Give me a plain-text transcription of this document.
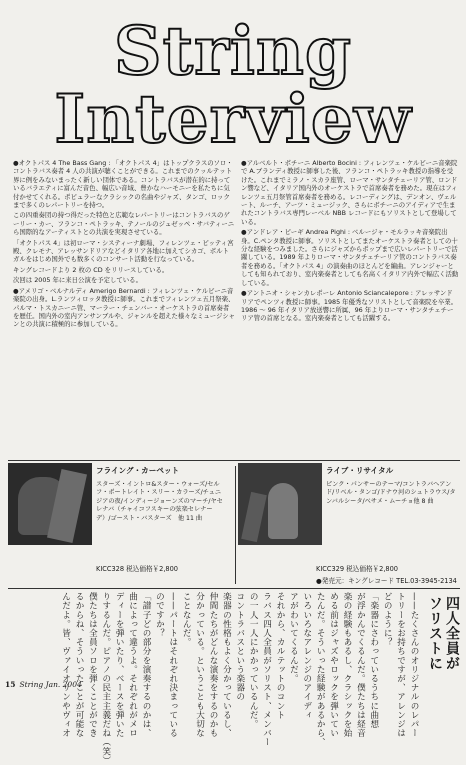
String
Interview

●オクトパス 4 The Bass Gang : 「オクトパス 4」はトップクラスのソロ・コントラバス奏者 4 人の共演が聴くことができる。これまでのクッルテット界に例をみないまったく新しい団体である。コントラバスが潜在的に持っているバラエティに富んだ音色、幅広い音域、豊かなハーモニーを私たちに気付かせてくれる。ポピュラーなクラシックの名曲やジャズ、タンゴ、ロックまで多くのレパートリーを持つ。

この四重奏団の持つ得だった特色と広範なレパートリーはコントラバスのゲーリー・カー、フランコ・ペトラッキ、テノールのジュゼッペ・サバティーニら国際的なアーティストとの共演を実現させている。

「オクトパス 4」は初ローマ・システィーナ劇場、フィレンツェ・ピッティ宮殿、クレモナ、アレッサンドリアなどイタリア各地に加えてシカゴ、ボルトガルをはじめ国外でも数多くのコンサート活動を行なっている。

キングレコードより 2 枚の CD をリリースしている。

次回は 2005 年に来日公演を予定している。

●アメリゴ・ベルナルディ Amerigo Bernardi : フィレンツェ・ケルビーニ音楽院の出身。L.ランツィロッタ教授に師事。これまでフィレンツェ五月祭楽、パルマ・トスカニーニ管、マーラー・チェンバー・オーケストラの首席奏者を歴任。国内外の室内アンサンブルや、ジャンルを超えた様々なミュージシャンとの共演に積極的に参加している。

●アルベルト・ボチーニ Alberto Bocini : フィレンツェ・ケルビーニ音楽院で A.ブランディ教授に師事した後、フランコ・ペトラッキ教授の指導を受けた。これまでミラノ・スカラ座管、ローマ・サンタチェーリア管、ロンドン響など、イタリア国内外のオーケストラで首席奏者を務めた。現在はフィレンツェ五月祭管首席奏者を務める。レコーディングは、デンオン、ヴェルート、ルーチ、アーツ・ミュージック、さらにボチーニのアイディアで生まれたコントラバス専門レーベル NBB レコードにもソリストとして登場している。

●アンドレア・ピーギ Andrea Pighi : ベルージャ・モルラッキ音楽院出身。C.ペンタ教授に師事。ソリストとしてまたオーケストラ奏者としての十分な経験をつみました。さらにジャズからポップまで広いレパートリーで活躍している。1989 年よりローマ・サンタチェチーリア管のコントラバス奏者を務める。「オクトパス 4」の演奏曲のほとんどを編曲。アレンジャーとしても知られており、室内楽奏者としても名高くイタリア内外で幅広く活動している。

●アントニオ・シャンカレポーレ Antonio Sciancalepore : アレッサンドリアでペンツィ教授に師事。1985 年優秀なソリストとして音楽院を卒業。1986 〜 96 年イタリア放送響に所属、96 年よりローマ・サンタチェチーリア管の首席となる。室内楽奏者としても活躍する。

フライング・カーペット
スターズ・イントロ&スター・ウォーズ/セルフ・ポートレイト・スリー・カラーズ/チュニジアの夜/インディージョーンズのマーチ/ヤセレナバ（チャイコフスキーの弦楽セレナーデ）/ゴースト・バスターズ　他 11 曲
KICC328 税込価格￥2,800
ライブ・リサイタル
ピンク・パンサーのテーマ/コントラバへアンド/リベル・タンゴ/ドナウ河のシュトラウス/タンバルシータ/ベサメ・ムーチョ他 8 曲
KICC329 税込価格￥2,800
●発売元：キングレコード TEL.03-3945-2134
四人全員がソリストに
——たくさんのオリジナルのレパー
トリーをお持ちですが、アレンジは
どのように？
「楽器にさわっているうちに曲想
が浮かんでくるんだ。僕たちは経音
楽の経験もあるし、クラシックを始
める前はジャズやロックを弾いてい
たんだ。そういった経験があるから、
いろいろなアレンジのアイディ
アがわいてくるんだ。
それから、カルテットのコント
ラバス四人全員がソリスト、メンバー
の一人一人にかかっているんだ。
コントラバスという楽器の
楽器の性格もよく分かっているし、
仲間たちがどんな演奏をするのかも
分かっている。ということも大切な
ことなんだ。
——パートはそれぞれ決まっている
のですか？
「譜子どの部分を演奏するのかは、
曲によって違うよ。それぞれがメロ
ディーを弾いたり、ベースを弾いた
りするんだ。ピアノの民主主義だね（笑）
僕たちは全員ソロを弾くことができ
るからね、そういったことが可能な
んだよ。皆、ヴァイオリンやヴィオ
15 String Jan. 2004
